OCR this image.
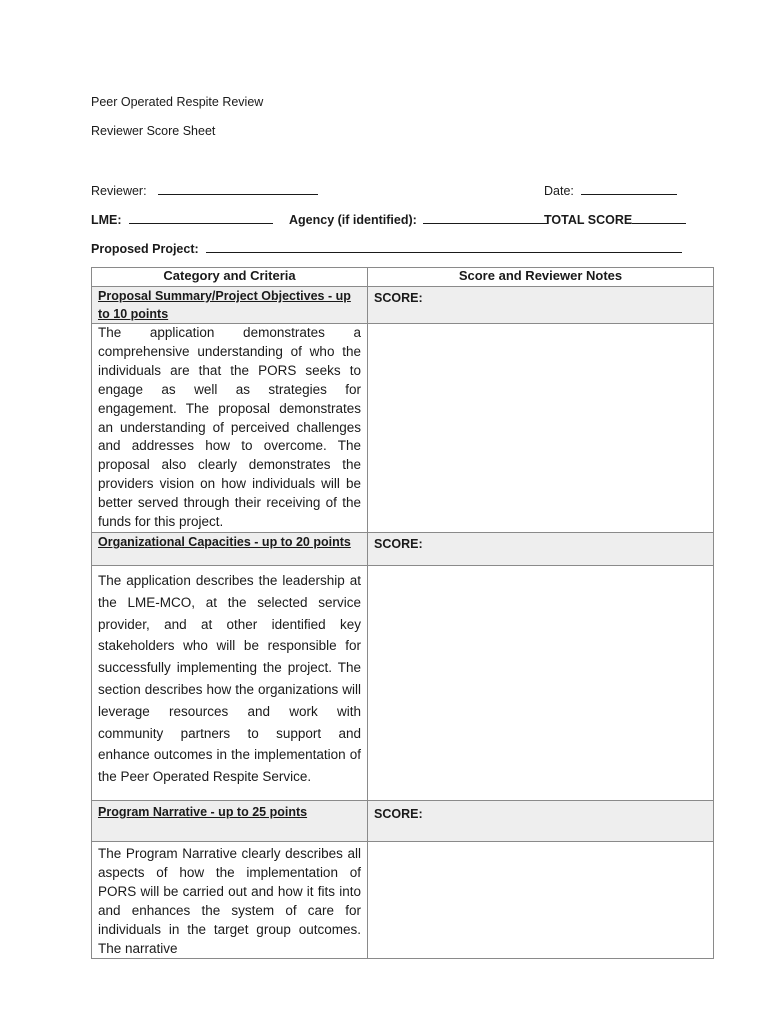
Peer Operated Respite Review
Reviewer Score Sheet
Reviewer:	Date:
LME:	Agency (if identified):	TOTAL SCORE
Proposed Project:
Category and Criteria	Score and Reviewer Notes

Proposal Summary/Project Objectives - up to 10 points	SCORE:

The application demonstrates a comprehensive understanding of who the individuals are that the PORS seeks to engage as well as strategies for engagement. The proposal demonstrates an understanding of perceived challenges and addresses how to overcome. The proposal also clearly demonstrates the providers vision on how individuals will be better served through their receiving of the funds for this project.	

Organizational Capacities - up to 20 points	SCORE:

The application describes the leadership at the LME-MCO, at the selected service provider, and at other identified key stakeholders who will be responsible for successfully implementing the project. The section describes how the organizations will leverage resources and work with community partners to support and enhance outcomes in the implementation of the Peer Operated Respite Service.	

Program Narrative - up to 25 points	SCORE:

The Program Narrative clearly describes all aspects of how the implementation of PORS will be carried out and how it fits into and enhances the system of care for individuals in the target group outcomes. The narrative	
